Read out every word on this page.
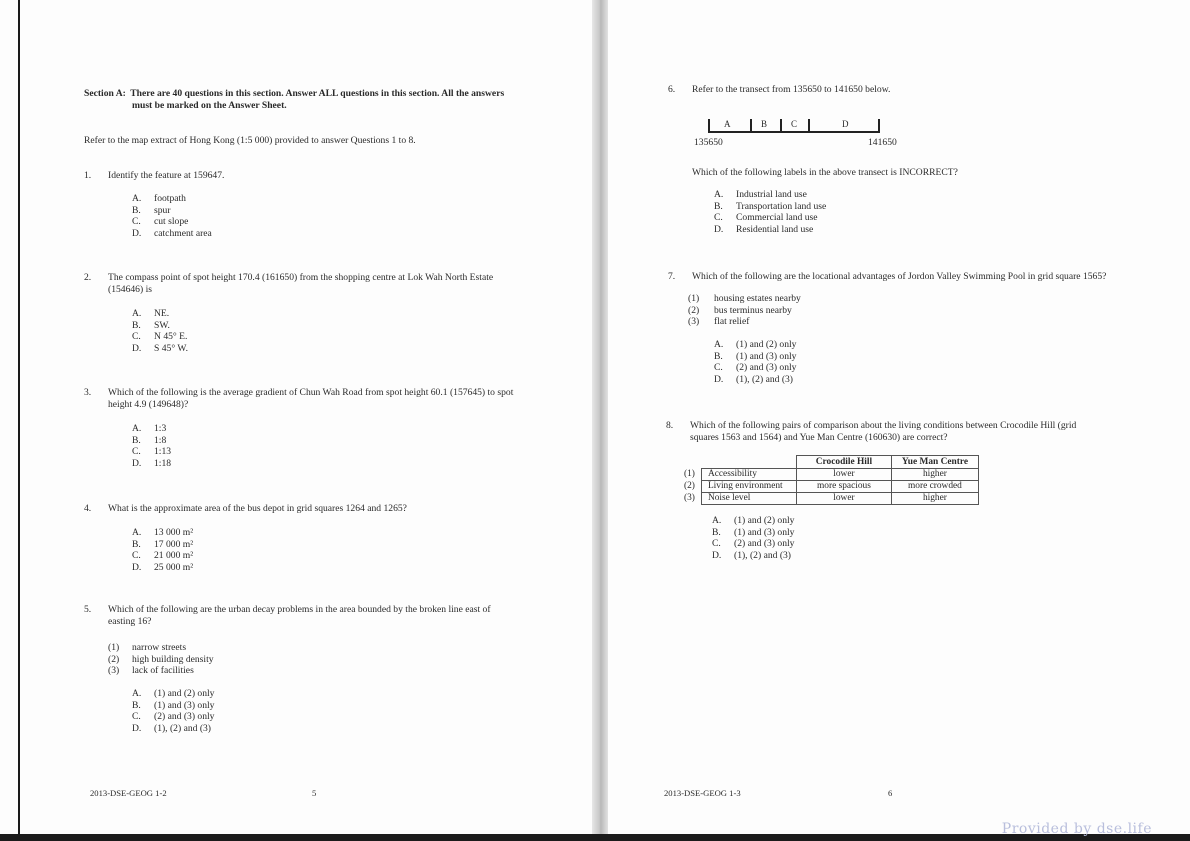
Section A: There are 40 questions in this section. Answer ALL questions in this section. All the answers
must be marked on the Answer Sheet.
Refer to the map extract of Hong Kong (1:5 000) provided to answer Questions 1 to 8.
1. Identify the feature at 159647.
A.	footpath
B.	spur
C.	cut slope
D.	catchment area
2. The compass point of spot height 170.4 (161650) from the shopping centre at Lok Wah North Estate
(154646) is
A.	NE.
B.	SW.
C.	N 45° E.
D.	S 45° W.
3. Which of the following is the average gradient of Chun Wah Road from spot height 60.1 (157645) to spot
height 4.9 (149648)?
A.	1:3
B.	1:8
C.	1:13
D.	1:18
4. What is the approximate area of the bus depot in grid squares 1264 and 1265?
A.	13 000 m²
B.	17 000 m²
C.	21 000 m²
D.	25 000 m²
5. Which of the following are the urban decay problems in the area bounded by the broken line east of
easting 16?
(1)	narrow streets
(2)	high building density
(3)	lack of facilities
A.	(1) and (2) only
B.	(1) and (3) only
C.	(2) and (3) only
D.	(1), (2) and (3)
2013-DSE-GEOG 1-2	5
6. Refer to the transect from 135650 to 141650 below.
A	B	C	D
135650	141650
Which of the following labels in the above transect is INCORRECT?
A.	Industrial land use
B.	Transportation land use
C.	Commercial land use
D.	Residential land use
7. Which of the following are the locational advantages of Jordon Valley Swimming Pool in grid square 1565?
(1)	housing estates nearby
(2)	bus terminus nearby
(3)	flat relief
A.	(1) and (2) only
B.	(1) and (3) only
C.	(2) and (3) only
D.	(1), (2) and (3)
8. Which of the following pairs of comparison about the living conditions between Crocodile Hill (grid
squares 1563 and 1564) and Yue Man Centre (160630) are correct?
		Crocodile Hill	Yue Man Centre
(1)	Accessibility	lower	higher
(2)	Living environment	more spacious	more crowded
(3)	Noise level	lower	higher
A.	(1) and (2) only
B.	(1) and (3) only
C.	(2) and (3) only
D.	(1), (2) and (3)
2013-DSE-GEOG 1-3	6
Provided by dse.life
